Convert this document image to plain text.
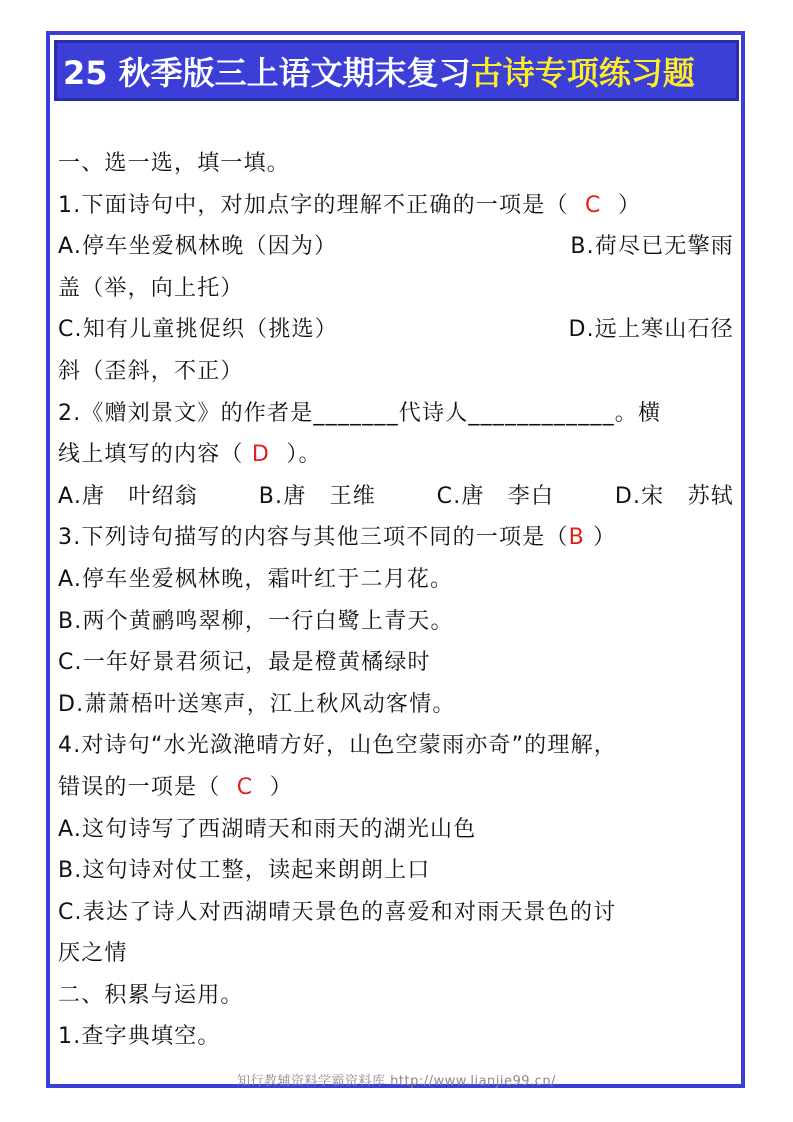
25 秋季版三上语文期末复习 古诗专项练习题
一、选一选，填一填。
1.下面诗句中，对加点字的理解不正确的一项是（ C ）
A.停车坐爱枫林晚（因为）	B.荷尽已无擎雨
盖（举，向上托）
C.知有儿童挑促织（挑选）	D.远上寒山石径
斜（歪斜，不正）
2.《赠刘景文》的作者是_______代诗人____________。横
线上填写的内容（ D ）。
A.唐　叶绍翁	B.唐　王维	C.唐　李白	D.宋　苏轼
3.下列诗句描写的内容与其他三项不同的一项是（B ）
A.停车坐爱枫林晚，霜叶红于二月花。
B.两个黄鹂鸣翠柳，一行白鹭上青天。
C.一年好景君须记，最是橙黄橘绿时
D.萧萧梧叶送寒声，江上秋风动客情。
4.对诗句“水光潋滟晴方好，山色空蒙雨亦奇”的理解，
错误的一项是（ C ）
A.这句诗写了西湖晴天和雨天的湖光山色
B.这句诗对仗工整，读起来朗朗上口
C.表达了诗人对西湖晴天景色的喜爱和对雨天景色的讨
厌之情
二、积累与运用。
1.查字典填空。
知行教辅资料学霸资料库 http://www.lianjie99.cn/
